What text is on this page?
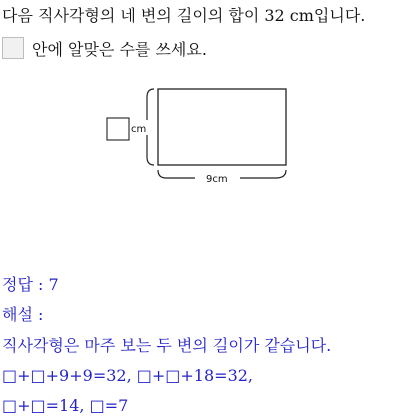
다음 직사각형의 네 변의 길이의 합이 32 cm입니다.
안에 알맞은 수를 쓰세요.
cm
9cm
정답 : 7
해설 :
직사각형은 마주 보는 두 변의 길이가 같습니다.
□+□+9+9=32, □+□+18=32,
□+□=14, □=7
